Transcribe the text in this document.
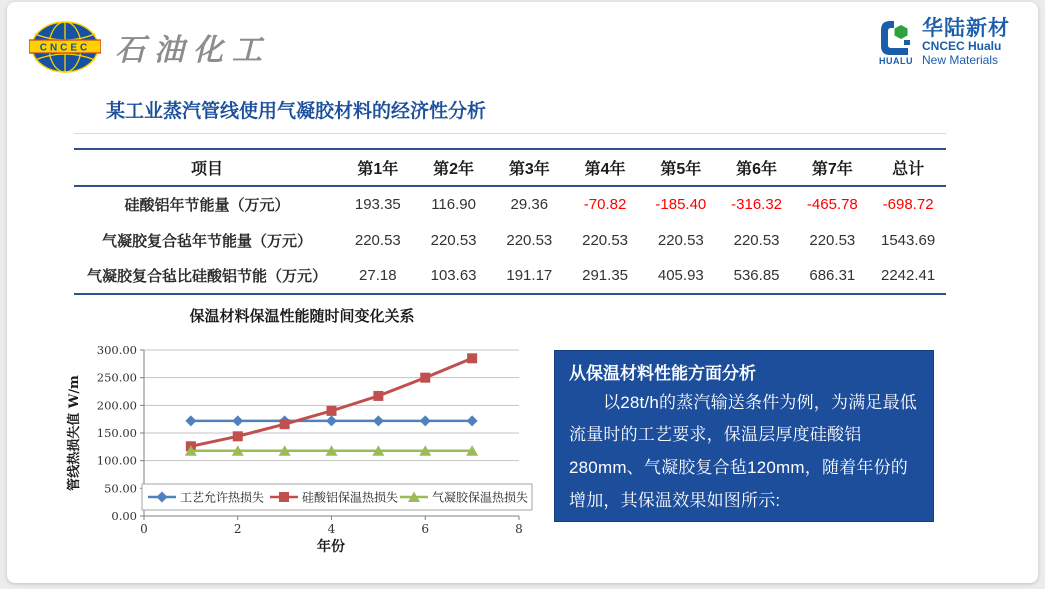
CNCEC 石油化工	HUALU
华陆新材
CNCEC Hualu
New Materials
某工业蒸汽管线使用气凝胶材料的经济性分析
项目	第1年	第2年	第3年	第4年	第5年	第6年	第7年	总计
硅酸铝年节能量（万元）	193.35	116.90	29.36	-70.82	-185.40	-316.32	-465.78	-698.72
气凝胶复合毡年节能量（万元）	220.53	220.53	220.53	220.53	220.53	220.53	220.53	1543.69
气凝胶复合毡比硅酸铝节能（万元）	27.18	103.63	191.17	291.35	405.93	536.85	686.31	2242.41
保温材料保温性能随时间变化关系
0.00
50.00
100.00
150.00
200.00
250.00
300.00
0	2	4	6	8
年份
管线热损失值 W/m
工艺允许热损失	硅酸铝保温热损失	气凝胶保温热损失
从保温材料性能方面分析
以28t/h的蒸汽输送条件为例，为满足最低流量时的工艺要求，保温层厚度硅酸铝280mm、气凝胶复合毡120mm，随着年份的增加，其保温效果如图所示:
